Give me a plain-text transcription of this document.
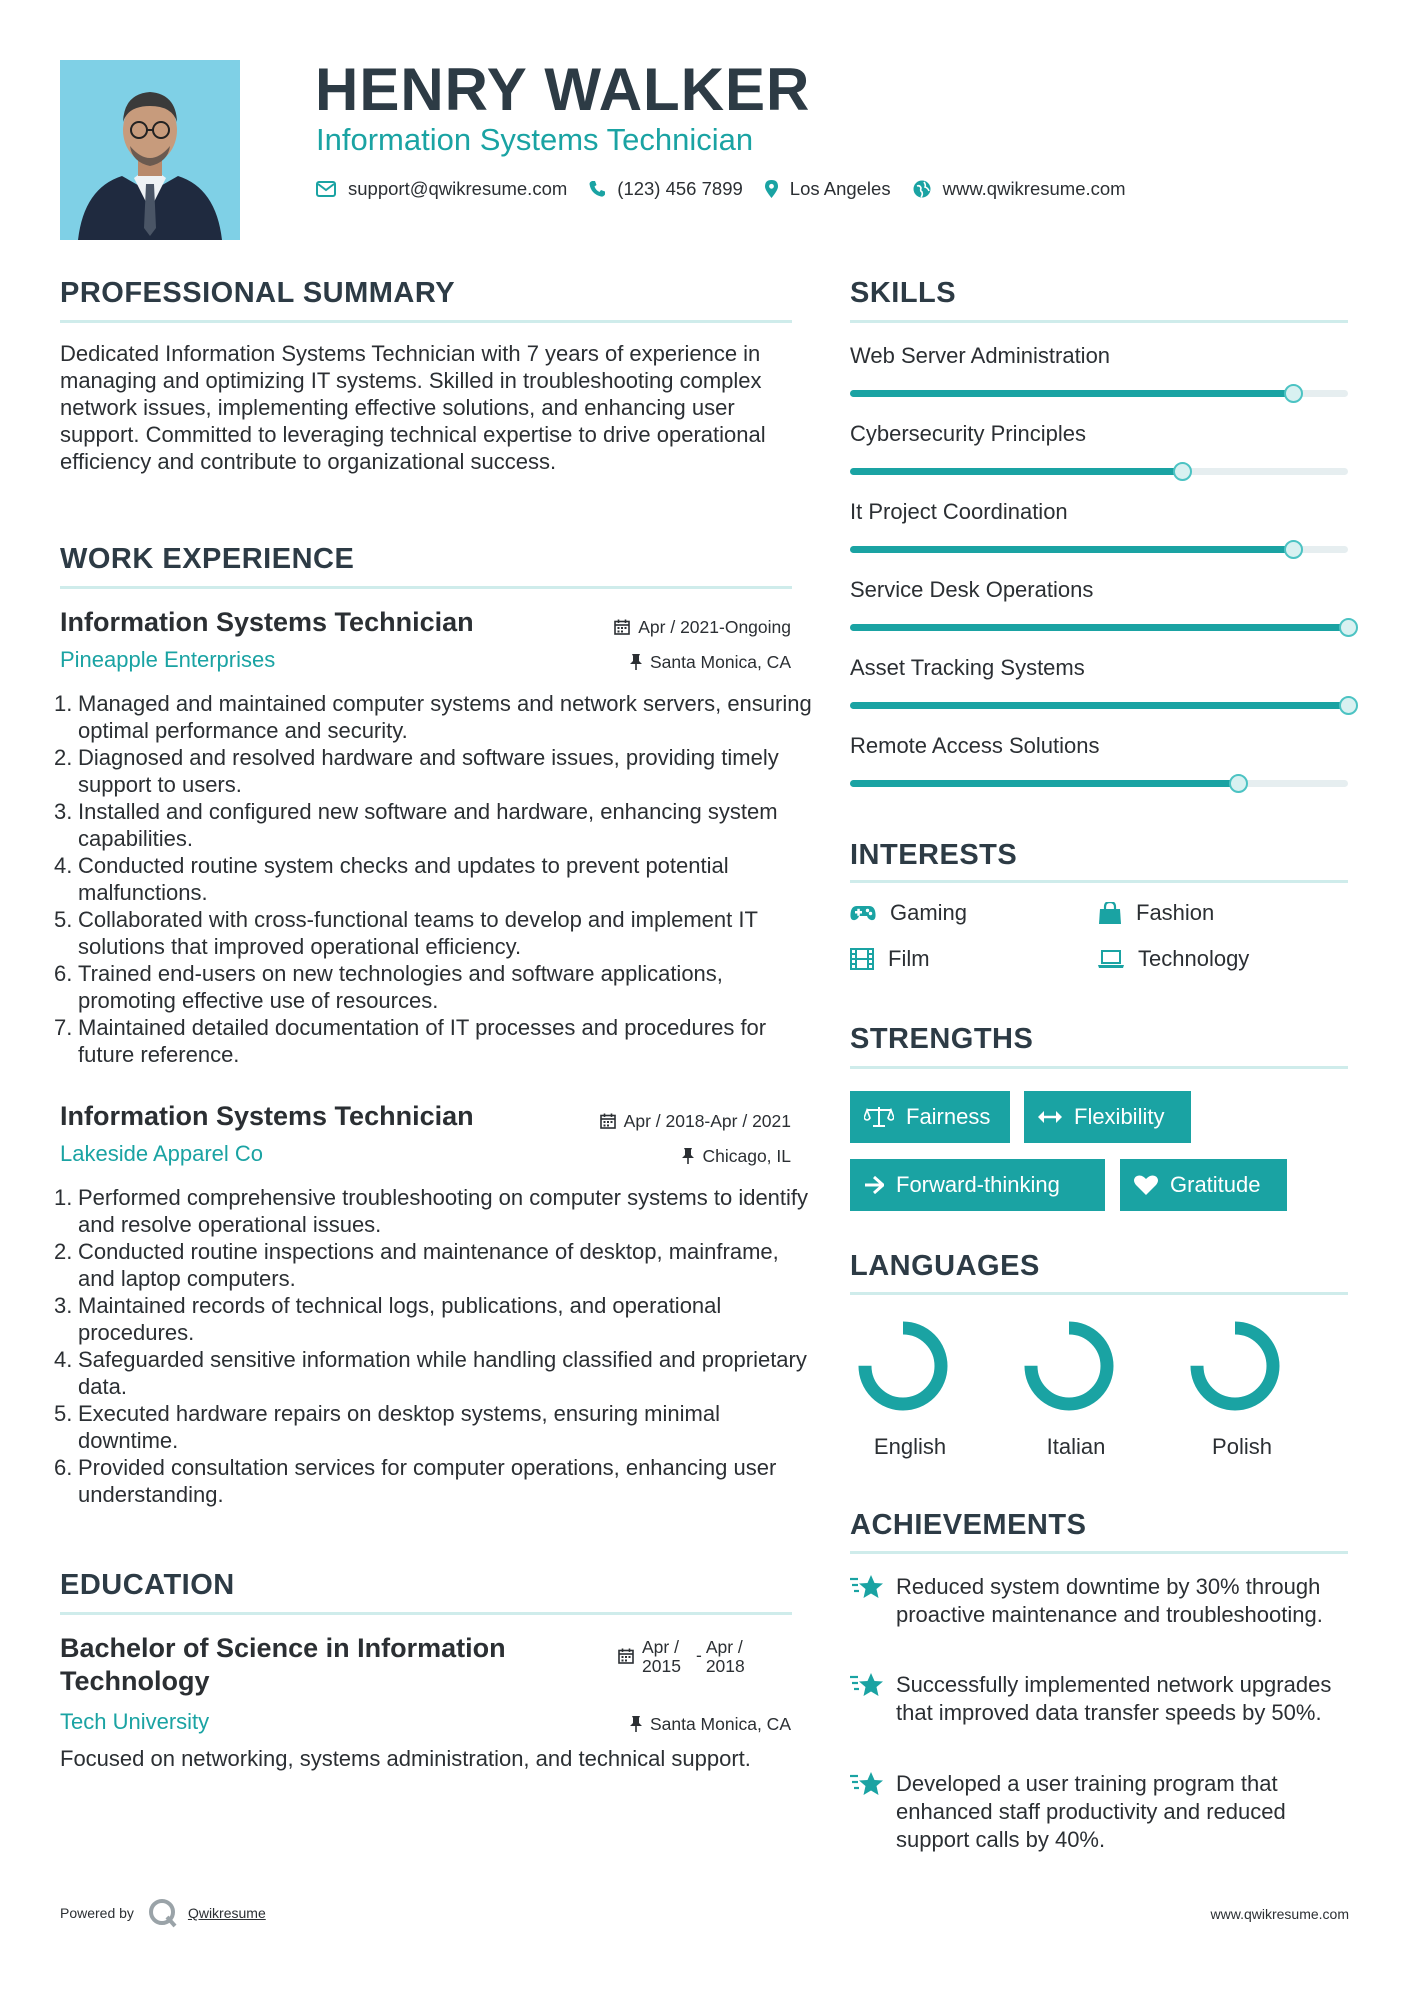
HENRY WALKER
Information Systems Technician
support@qwikresume.com	(123) 456 7899	Los Angeles	www.qwikresume.com
PROFESSIONAL SUMMARY

Dedicated Information Systems Technician with 7 years of experience in managing and optimizing IT systems. Skilled in troubleshooting complex network issues, implementing effective solutions, and enhancing user support. Committed to leveraging technical expertise to drive operational efficiency and contribute to organizational success.

WORK EXPERIENCE
Information Systems Technician	Apr / 2021-Ongoing
Pineapple Enterprises	Santa Monica, CA
1. Managed and maintained computer systems and network servers, ensuring optimal performance and security.
2. Diagnosed and resolved hardware and software issues, providing timely support to users.
3. Installed and configured new software and hardware, enhancing system capabilities.
4. Conducted routine system checks and updates to prevent potential malfunctions.
5. Collaborated with cross-functional teams to develop and implement IT solutions that improved operational efficiency.
6. Trained end-users on new technologies and software applications, promoting effective use of resources.
7. Maintained detailed documentation of IT processes and procedures for future reference.
Information Systems Technician	Apr / 2018-Apr / 2021
Lakeside Apparel Co	Chicago, IL
1. Performed comprehensive troubleshooting on computer systems to identify and resolve operational issues.
2. Conducted routine inspections and maintenance of desktop, mainframe, and laptop computers.
3. Maintained records of technical logs, publications, and operational procedures.
4. Safeguarded sensitive information while handling classified and proprietary data.
5. Executed hardware repairs on desktop systems, ensuring minimal downtime.
6. Provided consultation services for computer operations, enhancing user understanding.
EDUCATION
Bachelor of Science in Information Technology
Apr / 2015
- Apr / 2018
Tech University	Santa Monica, CA

Focused on networking, systems administration, and technical support.

SKILLS
Web Server Administration
Cybersecurity Principles
It Project Coordination
Service Desk Operations
Asset Tracking Systems
Remote Access Solutions
INTERESTS
Gaming	Fashion
Film	Technology
STRENGTHS
Fairness	Flexibility
Forward-thinking	Gratitude
LANGUAGES
English	Italian	Polish
ACHIEVEMENTS

Reduced system downtime by 30% through proactive maintenance and troubleshooting.

Successfully implemented network upgrades that improved data transfer speeds by 50%.

Developed a user training program that enhanced staff productivity and reduced support calls by 40%.

Powered by	Qwikresume	www.qwikresume.com
